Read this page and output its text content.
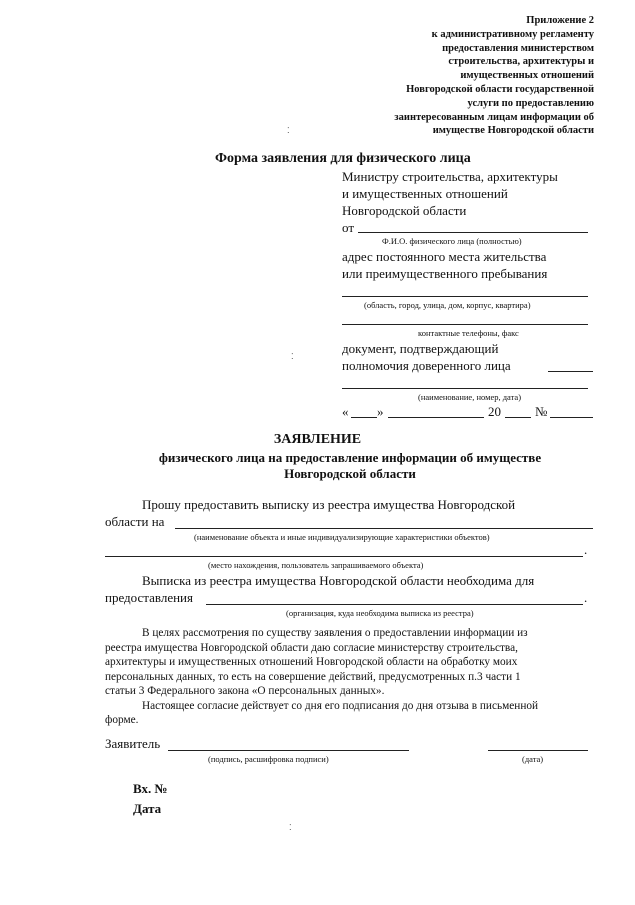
Приложение 2
к административному регламенту
предоставления министерством
строительства, архитектуры и
имущественных отношений
Новгородской области государственной
услуги по предоставлению
заинтересованным лицам информации об
имуществе Новгородской области
⁚
⁚
⁚
Форма заявления для физического лица
Министру строительства, архитектуры
и имущественных отношений
Новгородской области
от
Ф.И.О. физического лица (полностью)
адрес постоянного места жительства
или преимущественного пребывания
(область, город, улица, дом, корпус, квартира)
контактные телефоны, факс
документ, подтверждающий
полномочия доверенного лица
(наименование, номер, дата)
« »	20	№
ЗАЯВЛЕНИЕ
физического лица на предоставление информации об имуществе
Новгородской области
Прошу предоставить выписку из реестра имущества Новгородской
области на
(наименование объекта и иные индивидуализирующие характеристики объектов)
.
(место нахождения, пользователь запрашиваемого объекта)
Выписка из реестра имущества Новгородской области необходима для
предоставления	.
(организация, куда необходима выписка из реестра)
В целях рассмотрения по существу заявления о предоставлении информации из
реестра имущества Новгородской области даю согласие министерству строительства,
архитектуры и имущественных отношений Новгородской области на обработку моих
персональных данных, то есть на совершение действий, предусмотренных п.3 части 1
статьи 3 Федерального закона «О персональных данных».
Настоящее согласие действует со дня его подписания до дня отзыва в письменной
форме.
Заявитель
(подпись, расшифровка подписи)	(дата)
Вх. №
Дата
